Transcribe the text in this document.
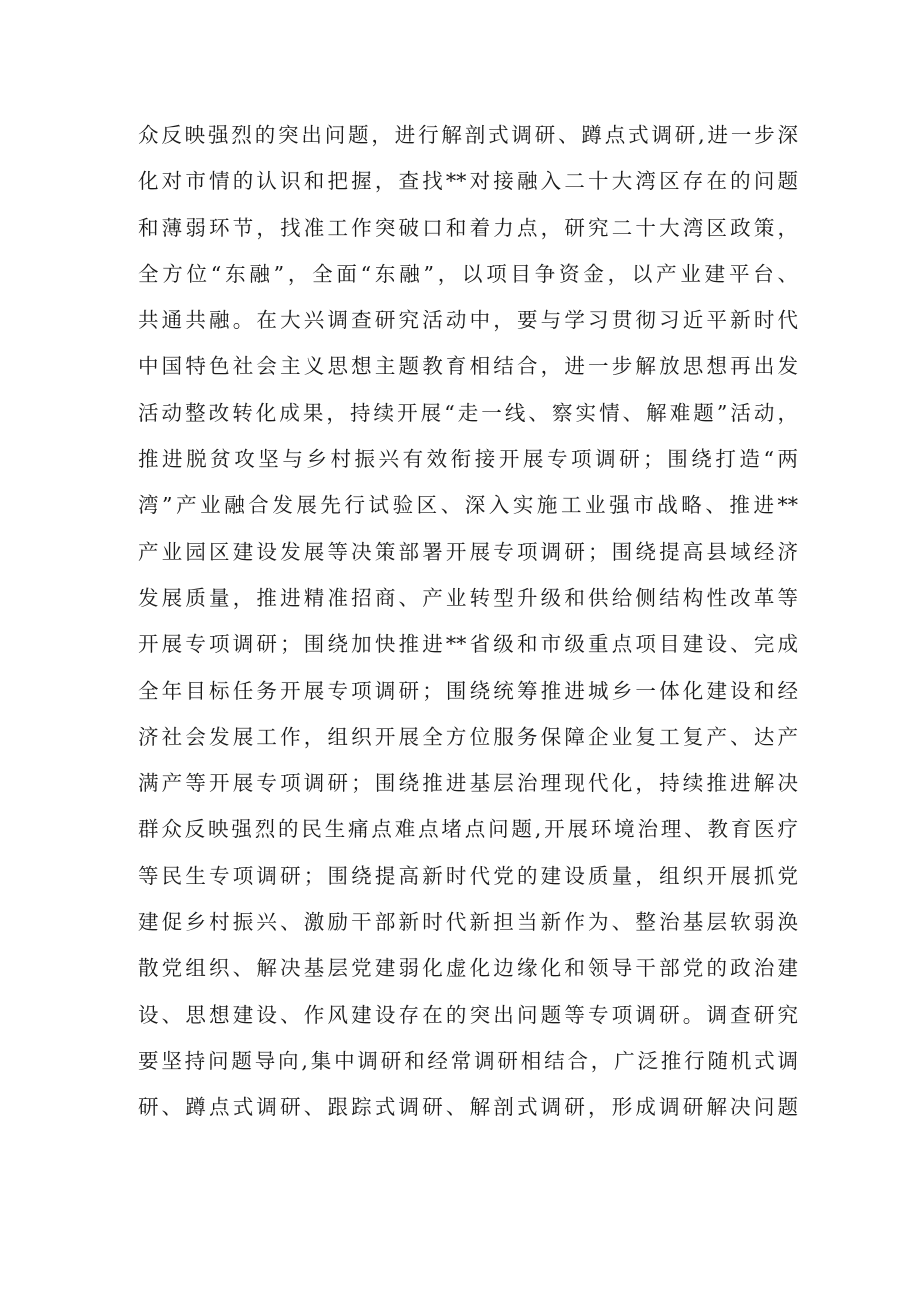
众反映强烈的突出问题，进行解剖式调研、蹲点式调研,进一步深
化对市情的认识和把握，查找**对接融入二十大湾区存在的问题
和薄弱环节，找准工作突破口和着力点，研究二十大湾区政策，
全方位“东融”，全面“东融”，以项目争资金，以产业建平台、
共通共融。在大兴调查研究活动中，要与学习贯彻习近平新时代
中国特色社会主义思想主题教育相结合，进一步解放思想再出发
活动整改转化成果，持续开展“走一线、察实情、解难题”活动，
推进脱贫攻坚与乡村振兴有效衔接开展专项调研；围绕打造“两
湾”产业融合发展先行试验区、深入实施工业强市战略、推进**
产业园区建设发展等决策部署开展专项调研；围绕提高县域经济
发展质量，推进精准招商、产业转型升级和供给侧结构性改革等
开展专项调研；围绕加快推进**省级和市级重点项目建设、完成
全年目标任务开展专项调研；围绕统筹推进城乡一体化建设和经
济社会发展工作，组织开展全方位服务保障企业复工复产、达产
满产等开展专项调研；围绕推进基层治理现代化，持续推进解决
群众反映强烈的民生痛点难点堵点问题,开展环境治理、教育医疗
等民生专项调研；围绕提高新时代党的建设质量，组织开展抓党
建促乡村振兴、激励干部新时代新担当新作为、整治基层软弱涣
散党组织、解决基层党建弱化虚化边缘化和领导干部党的政治建
设、思想建设、作风建设存在的突出问题等专项调研。调查研究
要坚持问题导向,集中调研和经常调研相结合，广泛推行随机式调
研、蹲点式调研、跟踪式调研、解剖式调研，形成调研解决问题
